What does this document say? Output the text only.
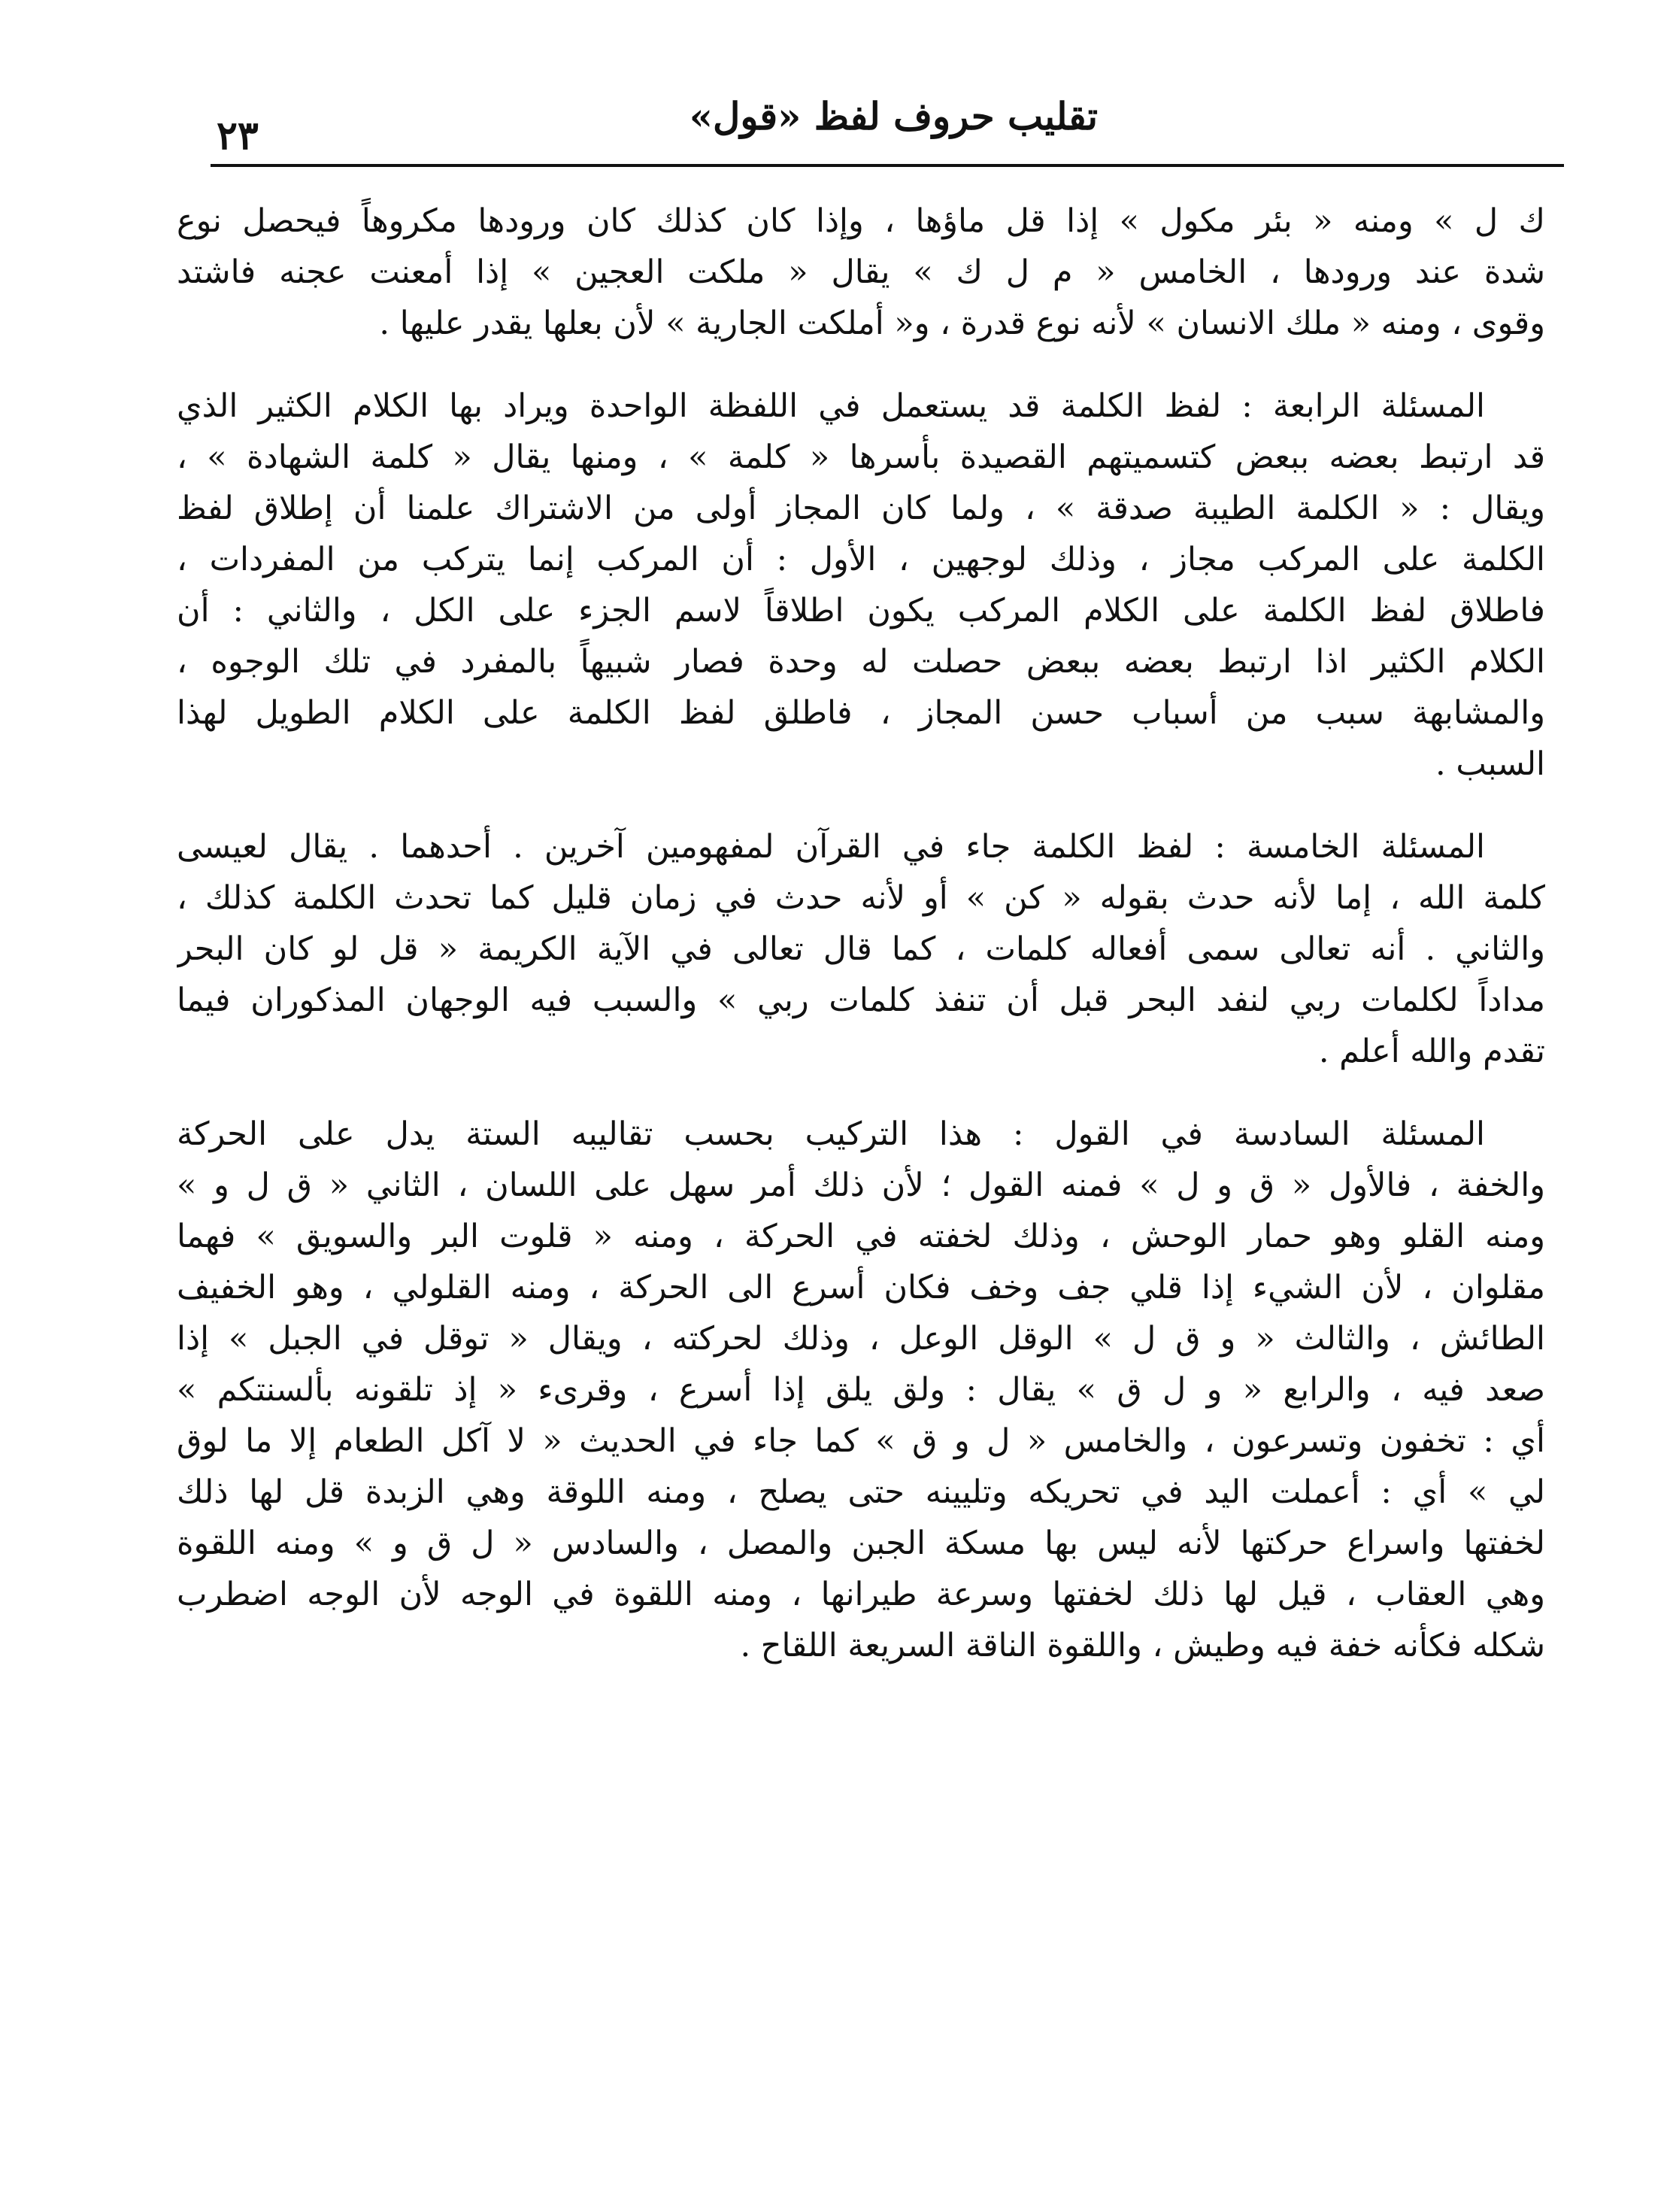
تقليب حروف لفظ «قول»
٢٣
ك ل » ومنه « بئر مكول » إذا قل ماؤها ، وإذا كان كذلك كان ورودها مكروهاً فيحصل نوع
شدة عند ورودها ، الخامس « م ل ك » يقال « ملكت العجين » إذا أمعنت عجنه فاشتد
وقوى ، ومنه « ملك الانسان » لأنه نوع قدرة ، و« أملكت الجارية » لأن بعلها يقدر عليها .
المسئلة الرابعة : لفظ الكلمة قد يستعمل في اللفظة الواحدة ويراد بها الكلام الكثير الذي
قد ارتبط بعضه ببعض كتسميتهم القصيدة بأسرها « كلمة » ، ومنها يقال « كلمة الشهادة » ،
ويقال : « الكلمة الطيبة صدقة » ، ولما كان المجاز أولى من الاشتراك علمنا أن إطلاق لفظ
الكلمة على المركب مجاز ، وذلك لوجهين ، الأول : أن المركب إنما يتركب من المفردات ،
فاطلاق لفظ الكلمة على الكلام المركب يكون اطلاقاً لاسم الجزء على الكل ، والثاني : أن
الكلام الكثير اذا ارتبط بعضه ببعض حصلت له وحدة فصار شبيهاً بالمفرد في تلك الوجوه ،
والمشابهة سبب من أسباب حسن المجاز ، فاطلق لفظ الكلمة على الكلام الطويل لهذا
السبب .
المسئلة الخامسة : لفظ الكلمة جاء في القرآن لمفهومين آخرين . أحدهما . يقال لعيسى
كلمة الله ، إما لأنه حدث بقوله « كن » أو لأنه حدث في زمان قليل كما تحدث الكلمة كذلك ،
والثاني . أنه تعالى سمى أفعاله كلمات ، كما قال تعالى في الآية الكريمة « قل لو كان البحر
مداداً لكلمات ربي لنفد البحر قبل أن تنفذ كلمات ربي » والسبب فيه الوجهان المذكوران فيما
تقدم والله أعلم .
المسئلة السادسة في القول : هذا التركيب بحسب تقاليبه الستة يدل على الحركة
والخفة ، فالأول « ق و ل » فمنه القول ؛ لأن ذلك أمر سهل على اللسان ، الثاني « ق ل و »
ومنه القلو وهو حمار الوحش ، وذلك لخفته في الحركة ، ومنه « قلوت البر والسويق » فهما
مقلوان ، لأن الشيء إذا قلي جف وخف فكان أسرع الى الحركة ، ومنه القلولي ، وهو الخفيف
الطائش ، والثالث « و ق ل » الوقل الوعل ، وذلك لحركته ، ويقال « توقل في الجبل » إذا
صعد فيه ، والرابع « و ل ق » يقال : ولق يلق إذا أسرع ، وقرىء « إذ تلقونه بألسنتكم »
أي : تخفون وتسرعون ، والخامس « ل و ق » كما جاء في الحديث « لا آكل الطعام إلا ما لوق
لي » أي : أعملت اليد في تحريكه وتليينه حتى يصلح ، ومنه اللوقة وهي الزبدة قل لها ذلك
لخفتها واسراع حركتها لأنه ليس بها مسكة الجبن والمصل ، والسادس « ل ق و » ومنه اللقوة
وهي العقاب ، قيل لها ذلك لخفتها وسرعة طيرانها ، ومنه اللقوة في الوجه لأن الوجه اضطرب
شكله فكأنه خفة فيه وطيش ، واللقوة الناقة السريعة اللقاح .
